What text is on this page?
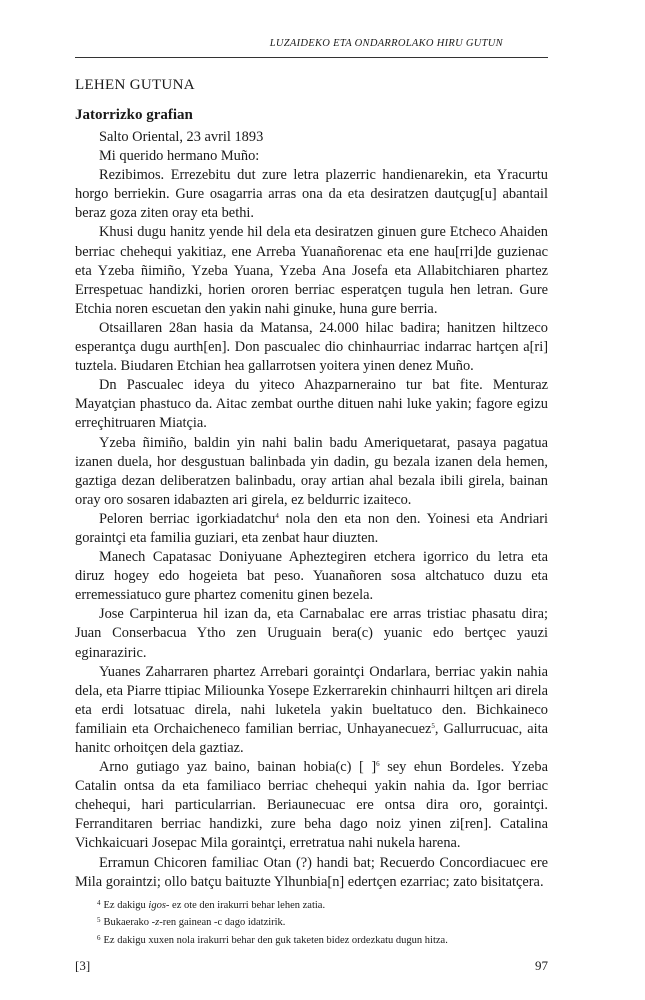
LUZAIDEKO ETA ONDARROLAKO HIRU GUTUN
LEHEN GUTUNA
Jatorrizko grafian

Salto Oriental, 23 avril 1893

Mi querido hermano Muño:

Rezibimos. Errezebitu dut zure letra plazerric handienarekin, eta Yracurtu horgo berriekin. Gure osagarria arras ona da eta desiratzen dautçug[u] abantail beraz goza ziten oray eta bethi.

Khusi dugu hanitz yende hil dela eta desiratzen ginuen gure Etcheco Ahaiden berriac chehequi yakitiaz, ene Arreba Yuanañorenac eta ene hau[rri]de guzienac eta Yzeba ñimiño, Yzeba Yuana, Yzeba Ana Josefa eta Allabitchiaren phartez Errespetuac handizki, horien ororen berriac esperatçen tugula hen letran. Gure Etchia noren escuetan den yakin nahi ginuke, huna gure berria.

Otsaillaren 28an hasia da Matansa, 24.000 hilac badira; hanitzen hiltzeco esperantça dugu aurth[en]. Don pascualec dio chinhaurriac indarrac hartçen a[ri] tuztela. Biudaren Etchian hea gallarrotsen yoitera yinen denez Muño.

Dn Pascualec ideya du yiteco Ahazparneraino tur bat fite. Menturaz Mayatçian phastuco da. Aitac zembat ourthe dituen nahi luke yakin; fagore egizu erreçhitruaren Miatçia.

Yzeba ñimiño, baldin yin nahi balin badu Ameriquetarat, pasaya pagatua izanen duela, hor desgustuan balinbada yin dadin, gu bezala izanen dela hemen, gaztiga dezan deliberatzen balinbadu, oray artian ahal bezala ibili girela, bainan oray oro sosaren idabazten ari girela, ez beldurric izaiteco.

Peloren berriac igorkiadatchu$^4$ nola den eta non den. Yoinesi eta Andriari goraintçi eta familia guziari, eta zenbat haur diuzten.

Manech Capatasac Doniyuane Apheztegiren etchera igorrico du letra eta diruz hogey edo hogeieta bat peso. Yuanañoren sosa altchatuco duzu eta erremessiatuco gure phartez comenitu ginen bezela.

Jose Carpinterua hil izan da, eta Carnabalac ere arras tristiac phasatu dira; Juan Conserbacua Ytho zen Uruguain bera(c) yuanic edo bertçec yauzi eginaraziric.

Yuanes Zaharraren phartez Arrebari goraintçi Ondarlara, berriac yakin nahia dela, eta Piarre ttipiac Miliounka Yosepe Ezkerrarekin chinhaurri hiltçen ari direla eta erdi lotsatuac direla, nahi luketela yakin bueltatuco den. Bichkaineco familiain eta Orchaicheneco familian berriac, Unhayanecuez$^5$, Gallurrucuac, aita hanitc orhoitçen dela gaztiaz.

Arno gutiago yaz baino, bainan hobia(c) [ ]$^6$ sey ehun Bordeles. Yzeba Catalin ontsa da eta familiaco berriac chehequi yakin nahia da. Igor berriac chehequi, hari particularrian. Beriaunecuac ere ontsa dira oro, goraintçi. Ferranditaren berriac handizki, zure beha dago noiz yinen zi[ren]. Catalina Vichkaicuari Josepac Mila goraintçi, erretratua nahi nukela harena.

Erramun Chicoren familiac Otan (?) handi bat; Recuerdo Concordiacuec ere Mila goraintzi; ollo batçu baituzte Ylhunbia[n] edertçen ezarriac; zato bisitatçera.

$^4$ Ez dakigu igos- ez ote den irakurri behar lehen zatia.

$^5$ Bukaerako -z-ren gainean -c dago idatzirik.

$^6$ Ez dakigu xuxen nola irakurri behar den guk taketen bidez ordezkatu dugun hitza.

[3]	97
